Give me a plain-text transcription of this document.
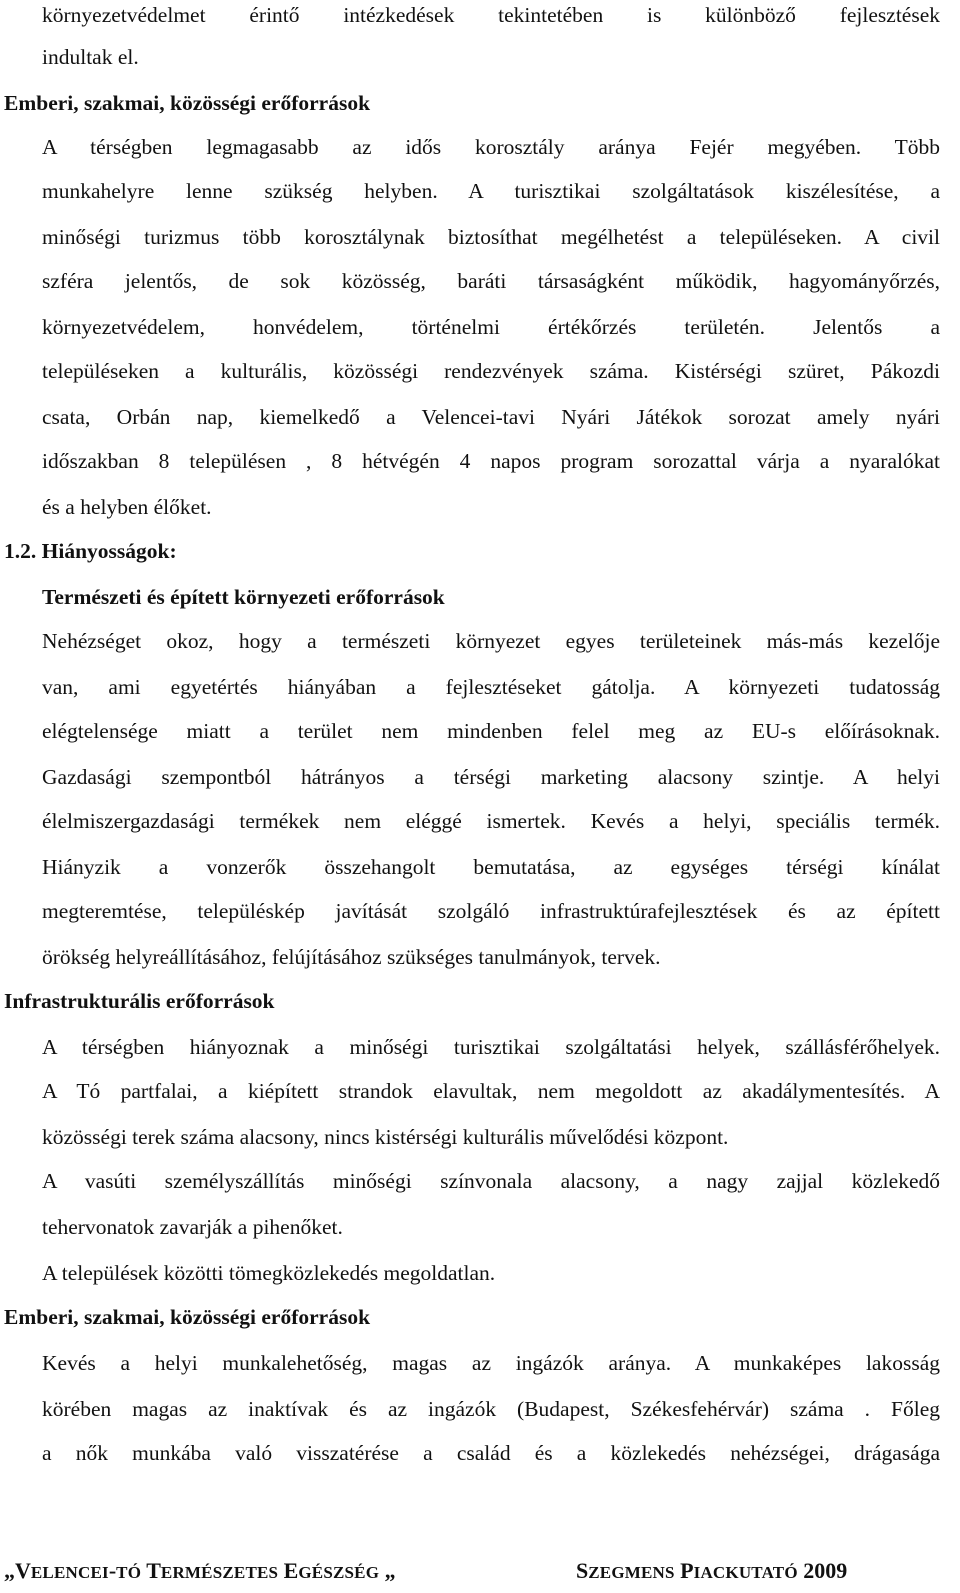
környezetvédelmet érintő intézkedések tekintetében is különböző fejlesztések

indultak el.

Emberi, szakmai, közösségi erőforrások

A térségben legmagasabb az idős korosztály aránya Fejér megyében. Több

munkahelyre lenne szükség helyben. A turisztikai szolgáltatások kiszélesítése, a

minőségi turizmus több korosztálynak biztosíthat megélhetést a településeken. A civil

szféra jelentős, de sok közösség, baráti társaságként működik, hagyományőrzés,

környezetvédelem, honvédelem, történelmi értékőrzés területén. Jelentős a

településeken a kulturális, közösségi rendezvények száma. Kistérségi szüret, Pákozdi

csata, Orbán nap, kiemelkedő a Velencei-tavi Nyári Játékok sorozat amely nyári

időszakban 8 településen , 8 hétvégén 4 napos program sorozattal várja a nyaralókat

és a helyben élőket.

1.2. Hiányosságok:

Természeti és épített környezeti erőforrások

Nehézséget okoz, hogy a természeti környezet egyes területeinek más-más kezelője

van, ami egyetértés hiányában a fejlesztéseket gátolja. A környezeti tudatosság

elégtelensége miatt a terület nem mindenben felel meg az EU-s előírásoknak.

Gazdasági szempontból hátrányos a térségi marketing alacsony szintje. A helyi

élelmiszergazdasági termékek nem eléggé ismertek. Kevés a helyi, speciális termék.

Hiányzik a vonzerők összehangolt bemutatása, az egységes térségi kínálat

megteremtése, településkép javítását szolgáló infrastruktúrafejlesztések és az épített

örökség helyreállításához, felújításához szükséges tanulmányok, tervek.

Infrastrukturális erőforrások

A térségben hiányoznak a minőségi turisztikai szolgáltatási helyek, szállásférőhelyek.

A Tó partfalai, a kiépített strandok elavultak, nem megoldott az akadálymentesítés. A

közösségi terek száma alacsony, nincs kistérségi kulturális művelődési központ.

A vasúti személyszállítás minőségi színvonala alacsony, a nagy zajjal közlekedő

tehervonatok zavarják a pihenőket.

A települések közötti tömegközlekedés megoldatlan.

Emberi, szakmai, közösségi erőforrások

Kevés a helyi munkalehetőség, magas az ingázók aránya. A munkaképes lakosság

körében magas az inaktívak és az ingázók (Budapest, Székesfehérvár) száma . Főleg

a nők munkába való visszatérése a család és a közlekedés nehézségei, drágasága

„VELENCEI-TÓ TERMÉSZETES EGÉSZSÉG „	SZEGMENS PIACKUTATÓ 2009
